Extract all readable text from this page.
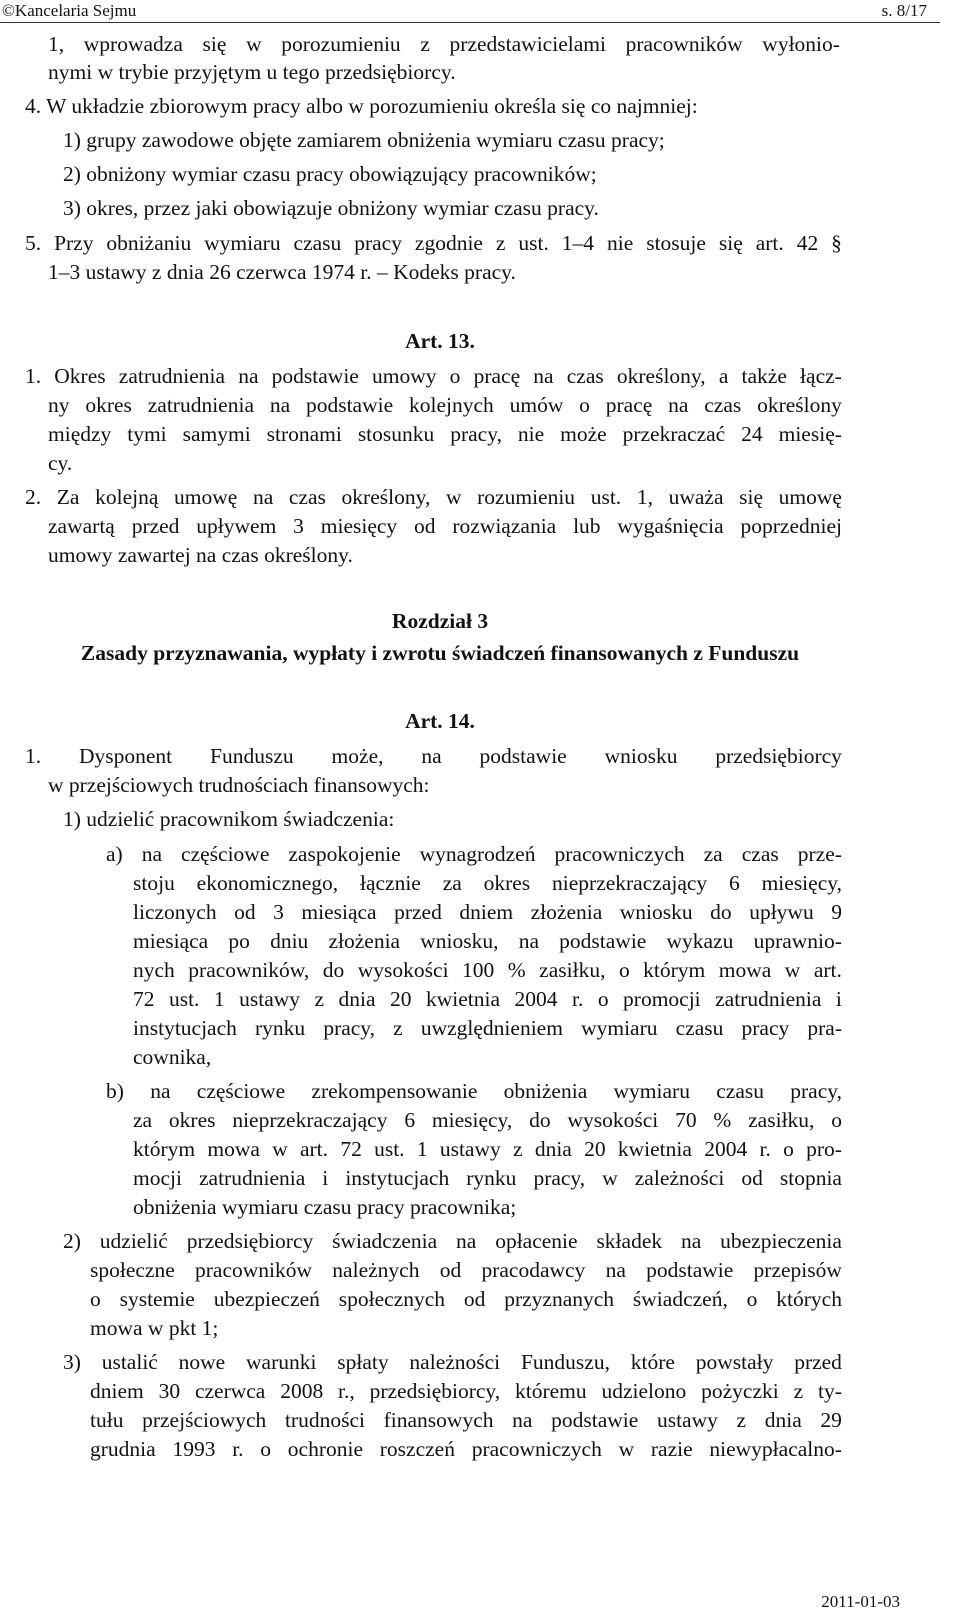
©Kancelaria Sejmu	s. 8/17
1, wprowadza się w porozumieniu z przedstawicielami pracowników wyłonio-
nymi w trybie przyjętym u tego przedsiębiorcy.
4. W układzie zbiorowym pracy albo w porozumieniu określa się co najmniej:
1) grupy zawodowe objęte zamiarem obniżenia wymiaru czasu pracy;
2) obniżony wymiar czasu pracy obowiązujący pracowników;
3) okres, przez jaki obowiązuje obniżony wymiar czasu pracy.
5. Przy obniżaniu wymiaru czasu pracy zgodnie z ust. 1–4 nie stosuje się art. 42 §
1–3 ustawy z dnia 26 czerwca 1974 r. – Kodeks pracy.
Art. 13.
1. Okres zatrudnienia na podstawie umowy o pracę na czas określony, a także łącz-
ny okres zatrudnienia na podstawie kolejnych umów o pracę na czas określony
między tymi samymi stronami stosunku pracy, nie może przekraczać 24 miesię-
cy.
2. Za kolejną umowę na czas określony, w rozumieniu ust. 1, uważa się umowę
zawartą przed upływem 3 miesięcy od rozwiązania lub wygaśnięcia poprzedniej
umowy zawartej na czas określony.
Rozdział 3
Zasady przyznawania, wypłaty i zwrotu świadczeń finansowanych z Funduszu
Art. 14.
1. Dysponent Funduszu może, na podstawie wniosku przedsiębiorcy
w przejściowych trudnościach finansowych:
1) udzielić pracownikom świadczenia:
a) na częściowe zaspokojenie wynagrodzeń pracowniczych za czas prze-
stoju ekonomicznego, łącznie za okres nieprzekraczający 6 miesięcy,
liczonych od 3 miesiąca przed dniem złożenia wniosku do upływu 9
miesiąca po dniu złożenia wniosku, na podstawie wykazu uprawnio-
nych pracowników, do wysokości 100 % zasiłku, o którym mowa w art.
72 ust. 1 ustawy z dnia 20 kwietnia 2004 r. o promocji zatrudnienia i
instytucjach rynku pracy, z uwzględnieniem wymiaru czasu pracy pra-
cownika,
b) na częściowe zrekompensowanie obniżenia wymiaru czasu pracy,
za okres nieprzekraczający 6 miesięcy, do wysokości 70 % zasiłku, o
którym mowa w art. 72 ust. 1 ustawy z dnia 20 kwietnia 2004 r. o pro-
mocji zatrudnienia i instytucjach rynku pracy, w zależności od stopnia
obniżenia wymiaru czasu pracy pracownika;
2) udzielić przedsiębiorcy świadczenia na opłacenie składek na ubezpieczenia
społeczne pracowników należnych od pracodawcy na podstawie przepisów
o systemie ubezpieczeń społecznych od przyznanych świadczeń, o których
mowa w pkt 1;
3) ustalić nowe warunki spłaty należności Funduszu, które powstały przed
dniem 30 czerwca 2008 r., przedsiębiorcy, któremu udzielono pożyczki z ty-
tułu przejściowych trudności finansowych na podstawie ustawy z dnia 29
grudnia 1993 r. o ochronie roszczeń pracowniczych w razie niewypłacalno-
2011-01-03
